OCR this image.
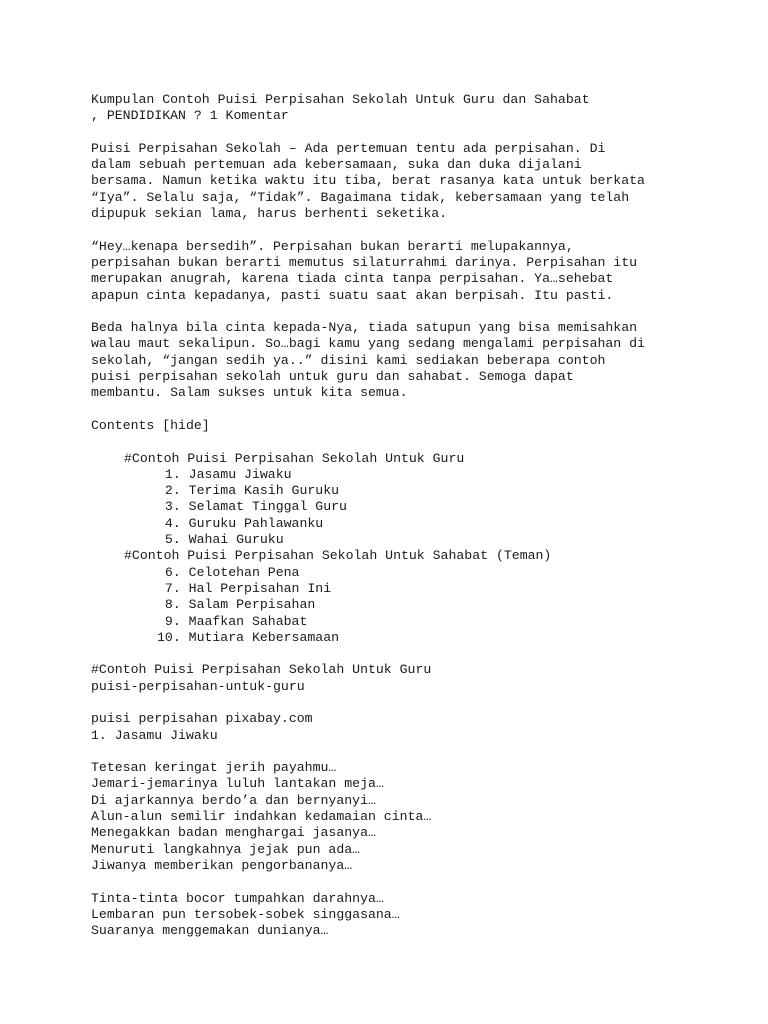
Kumpulan Contoh Puisi Perpisahan Sekolah Untuk Guru dan Sahabat
, PENDIDIKAN ? 1 Komentar
Puisi Perpisahan Sekolah – Ada pertemuan tentu ada perpisahan. Di
dalam sebuah pertemuan ada kebersamaan, suka dan duka dijalani
bersama. Namun ketika waktu itu tiba, berat rasanya kata untuk berkata
“Iya”. Selalu saja, “Tidak”. Bagaimana tidak, kebersamaan yang telah
dipupuk sekian lama, harus berhenti seketika.
“Hey…kenapa bersedih”. Perpisahan bukan berarti melupakannya,
perpisahan bukan berarti memutus silaturrahmi darinya. Perpisahan itu
merupakan anugrah, karena tiada cinta tanpa perpisahan. Ya…sehebat
apapun cinta kepadanya, pasti suatu saat akan berpisah. Itu pasti.
Beda halnya bila cinta kepada-Nya, tiada satupun yang bisa memisahkan
walau maut sekalipun. So…bagi kamu yang sedang mengalami perpisahan di
sekolah, “jangan sedih ya..” disini kami sediakan beberapa contoh
puisi perpisahan sekolah untuk guru dan sahabat. Semoga dapat
membantu. Salam sukses untuk kita semua.
Contents [hide]
#Contoh Puisi Perpisahan Sekolah Untuk Guru
1. Jasamu Jiwaku
2. Terima Kasih Guruku
3. Selamat Tinggal Guru
4. Guruku Pahlawanku
5. Wahai Guruku
#Contoh Puisi Perpisahan Sekolah Untuk Sahabat (Teman)
6. Celotehan Pena
7. Hal Perpisahan Ini
8. Salam Perpisahan
9. Maafkan Sahabat
10. Mutiara Kebersamaan
#Contoh Puisi Perpisahan Sekolah Untuk Guru
puisi-perpisahan-untuk-guru
puisi perpisahan pixabay.com
1. Jasamu Jiwaku
Tetesan keringat jerih payahmu…
Jemari-jemarinya luluh lantakan meja…
Di ajarkannya berdo’a dan bernyanyi…
Alun-alun semilir indahkan kedamaian cinta…
Menegakkan badan menghargai jasanya…
Menuruti langkahnya jejak pun ada…
Jiwanya memberikan pengorbananya…
Tinta-tinta bocor tumpahkan darahnya…
Lembaran pun tersobek-sobek singgasana…
Suaranya menggemakan dunianya…
